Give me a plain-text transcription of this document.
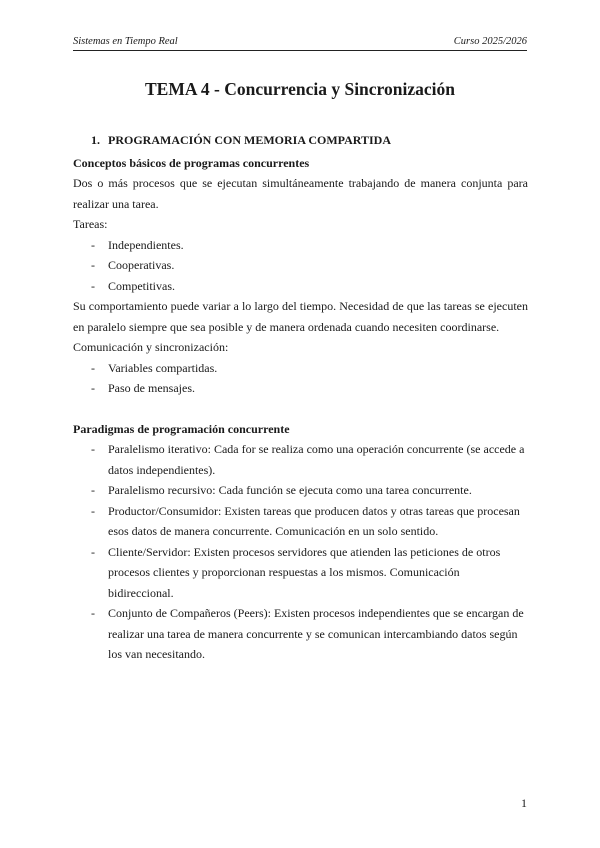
Sistemas en Tiempo Real	Curso 2025/2026
TEMA 4 - Concurrencia y Sincronización
1. PROGRAMACIÓN CON MEMORIA COMPARTIDA
Conceptos básicos de programas concurrentes

Dos o más procesos que se ejecutan simultáneamente trabajando de manera conjunta para realizar una tarea.

Tareas:

- Independientes.
- Cooperativas.
- Competitivas.

Su comportamiento puede variar a lo largo del tiempo. Necesidad de que las tareas se ejecuten en paralelo siempre que sea posible y de manera ordenada cuando necesiten coordinarse.

Comunicación y sincronización:

- Variables compartidas.
- Paso de mensajes.
Paradigmas de programación concurrente
- Paralelismo iterativo: Cada for se realiza como una operación concurrente (se accede a datos independientes).
- Paralelismo recursivo: Cada función se ejecuta como una tarea concurrente.
- Productor/Consumidor: Existen tareas que producen datos y otras tareas que procesan esos datos de manera concurrente. Comunicación en un solo sentido.
- Cliente/Servidor: Existen procesos servidores que atienden las peticiones de otros procesos clientes y proporcionan respuestas a los mismos. Comunicación bidireccional.
- Conjunto de Compañeros (Peers): Existen procesos independientes que se encargan de realizar una tarea de manera concurrente y se comunican intercambiando datos según los van necesitando.
1
